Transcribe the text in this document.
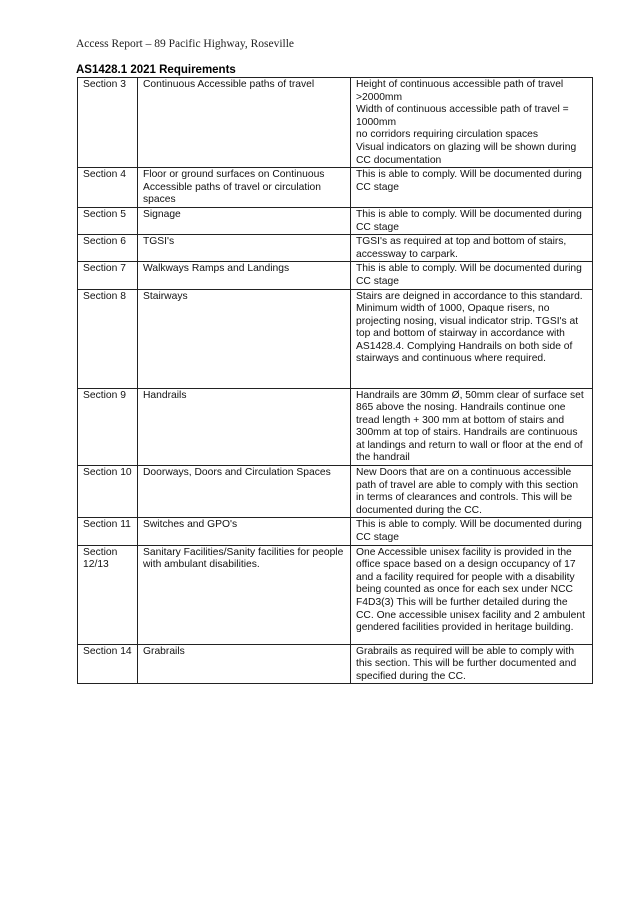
Access Report – 89 Pacific Highway, Roseville
AS1428.1 2021 Requirements
Section 3	Continuous Accessible paths of travel	Height of continuous accessible path of travel >2000mm
Width of continuous accessible path of travel = 1000mm
no corridors requiring circulation spaces
Visual indicators on glazing will be shown during CC documentation
Section 4	Floor or ground surfaces on Continuous Accessible paths of travel or circulation spaces	This is able to comply. Will be documented during CC stage
Section 5	Signage	This is able to comply. Will be documented during CC stage
Section 6	TGSI's	TGSI's as required at top and bottom of stairs, accessway to carpark.
Section 7	Walkways Ramps and Landings	This is able to comply. Will be documented during CC stage
Section 8	Stairways	Stairs are deigned in accordance to this standard. Minimum width of 1000, Opaque risers, no projecting nosing, visual indicator strip. TGSI's at top and bottom of stairway in accordance with AS1428.4. Complying Handrails on both side of stairways and continuous where required.
Section 9	Handrails	Handrails are 30mm Ø, 50mm clear of surface set 865 above the nosing. Handrails continue one tread length + 300 mm at bottom of stairs and 300mm at top of stairs. Handrails are continuous at landings and return to wall or floor at the end of the handrail
Section 10	Doorways, Doors and Circulation Spaces	New Doors that are on a continuous accessible path of travel are able to comply with this section in terms of clearances and controls. This will be documented during the CC.
Section 11	Switches and GPO's	This is able to comply. Will be documented during CC stage
Section 12/13	Sanitary Facilities/Sanity facilities for people with ambulant disabilities.	One Accessible unisex facility is provided in the office space based on a design occupancy of 17 and a facility required for people with a disability being counted as once for each sex under NCC F4D3(3) This will be further detailed during the CC. One accessible unisex facility and 2 ambulent gendered facilities provided in heritage building.
Section 14	Grabrails	Grabrails as required will be able to comply with this section. This will be further documented and specified during the CC.
